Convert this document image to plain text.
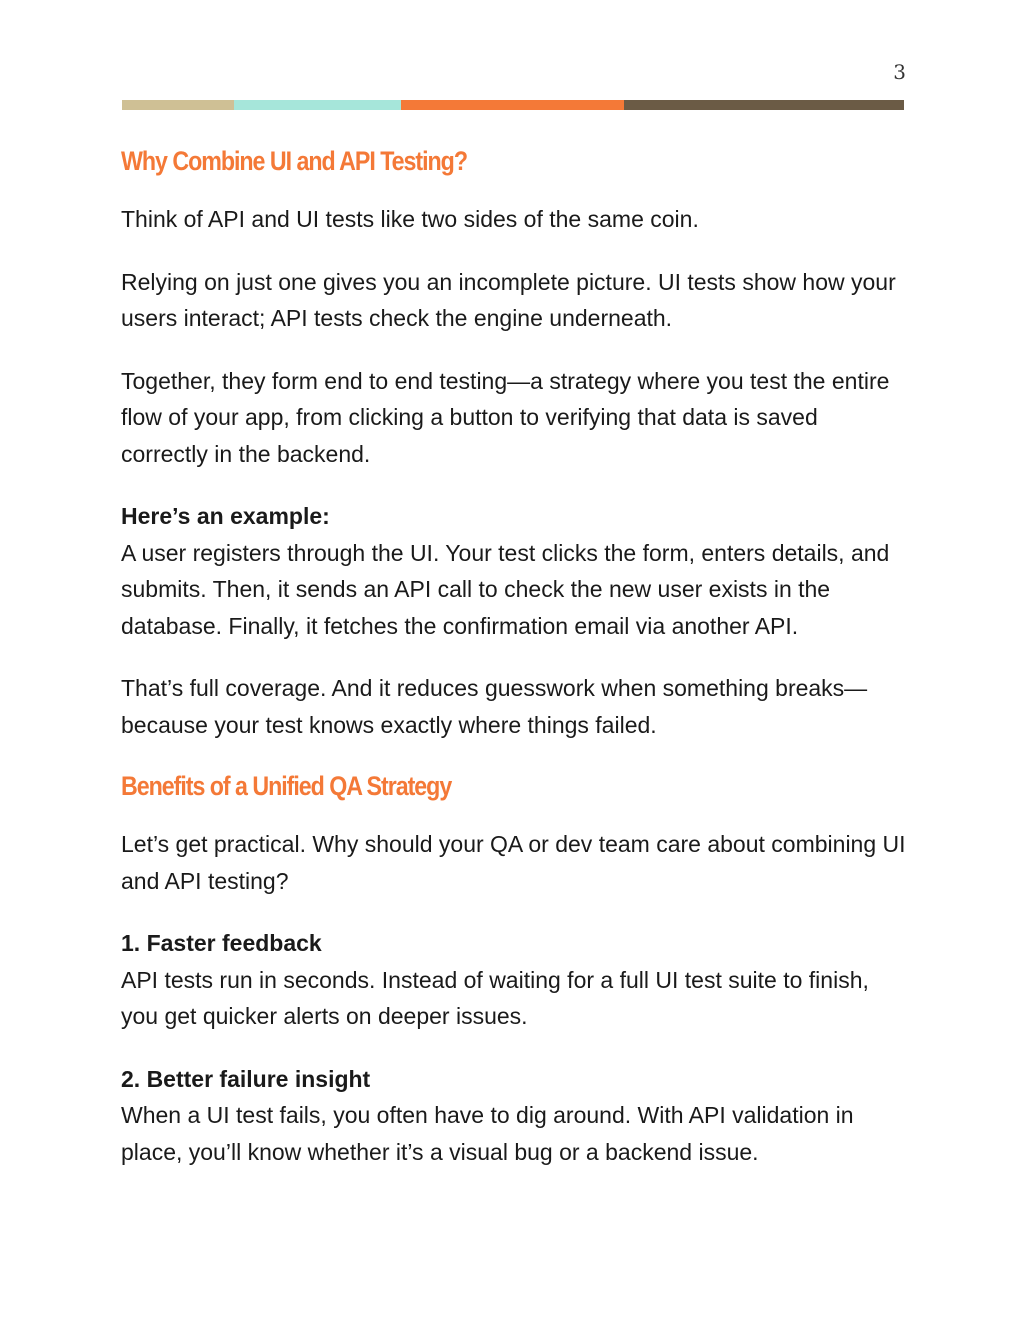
3
Why Combine UI and API Testing?

Think of API and UI tests like two sides of the same coin.

Relying on just one gives you an incomplete picture. UI tests show how your users interact; API tests check the engine underneath.

Together, they form end to end testing—a strategy where you test the entire flow of your app, from clicking a button to verifying that data is saved correctly in the backend.

Here’s an example:
A user registers through the UI. Your test clicks the form, enters details, and submits. Then, it sends an API call to check the new user exists in the database. Finally, it fetches the confirmation email via another API.

That’s full coverage. And it reduces guesswork when something breaks—because your test knows exactly where things failed.

Benefits of a Unified QA Strategy

Let’s get practical. Why should your QA or dev team care about combining UI and API testing?

1. Faster feedback
API tests run in seconds. Instead of waiting for a full UI test suite to finish, you get quicker alerts on deeper issues.

2. Better failure insight
When a UI test fails, you often have to dig around. With API validation in place, you’ll know whether it’s a visual bug or a backend issue.
